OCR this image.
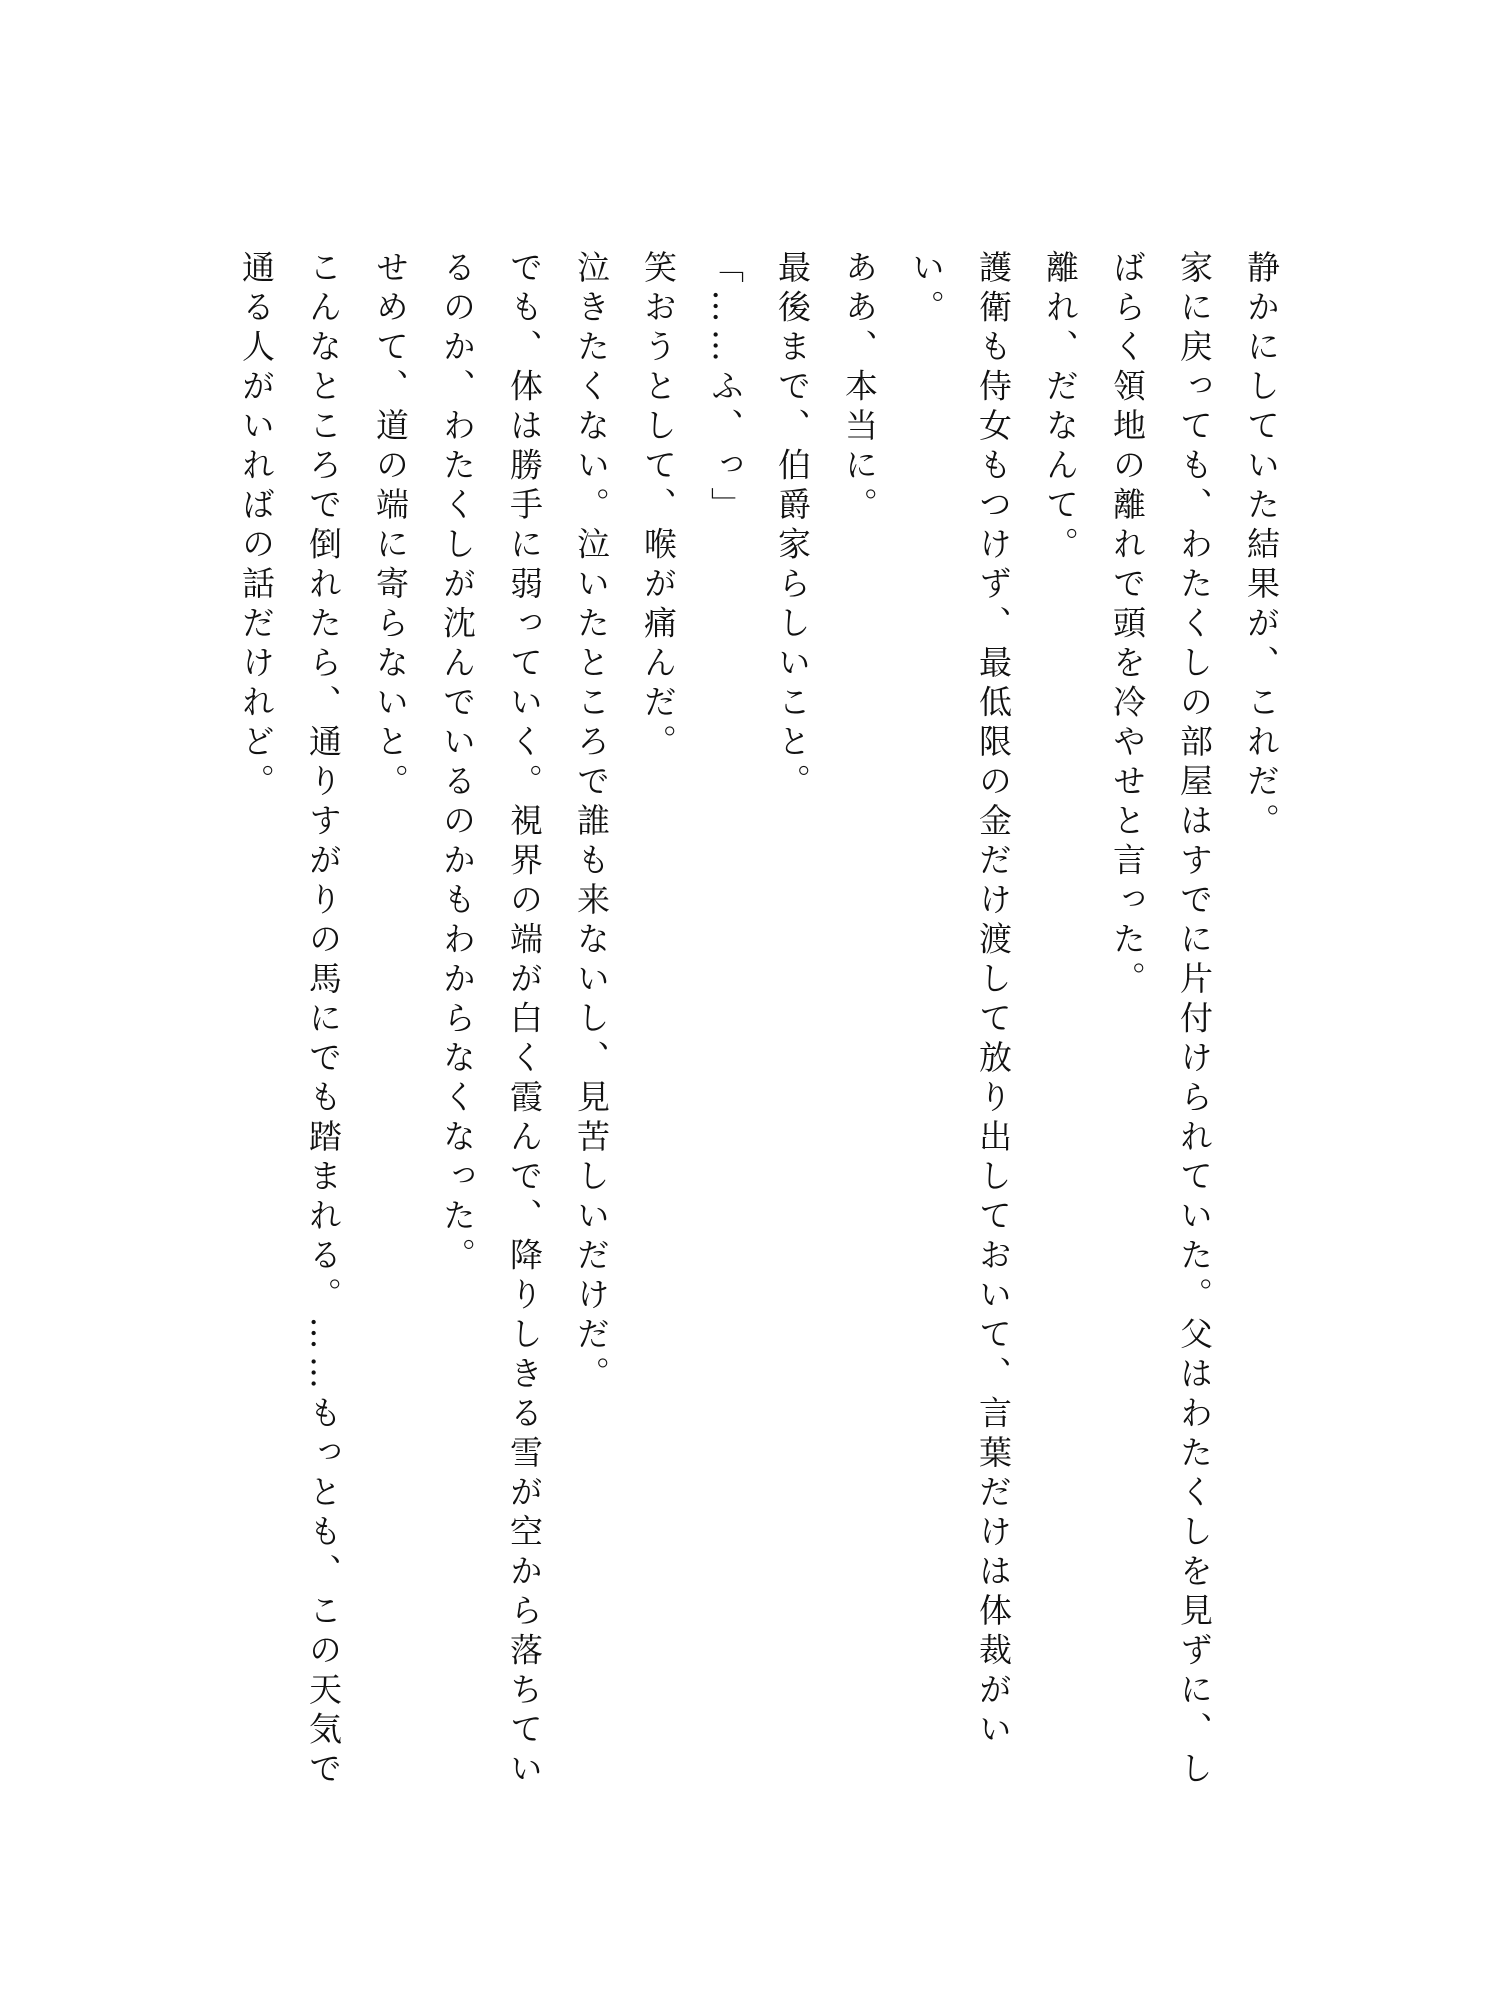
静かにしていた結果が、これだ。

家に戻っても、わたくしの部屋はすでに片付けられていた。父はわたくしを見ずに、しばらく領地の離れで頭を冷やせと言った。

離れ、だなんて。

護衛も侍女もつけず、最低限の金だけ渡して放り出しておいて、言葉だけは体裁がいい。

ああ、本当に。

最後まで、伯爵家らしいこと。

「……ふ、っ」

笑おうとして、喉が痛んだ。

泣きたくない。泣いたところで誰も来ないし、見苦しいだけだ。

でも、体は勝手に弱っていく。視界の端が白く霞んで、降りしきる雪が空から落ちているのか、わたくしが沈んでいるのかもわからなくなった。

せめて、道の端に寄らないと。

こんなところで倒れたら、通りすがりの馬にでも踏まれる。……もっとも、この天気で通る人がいればの話だけれど。
